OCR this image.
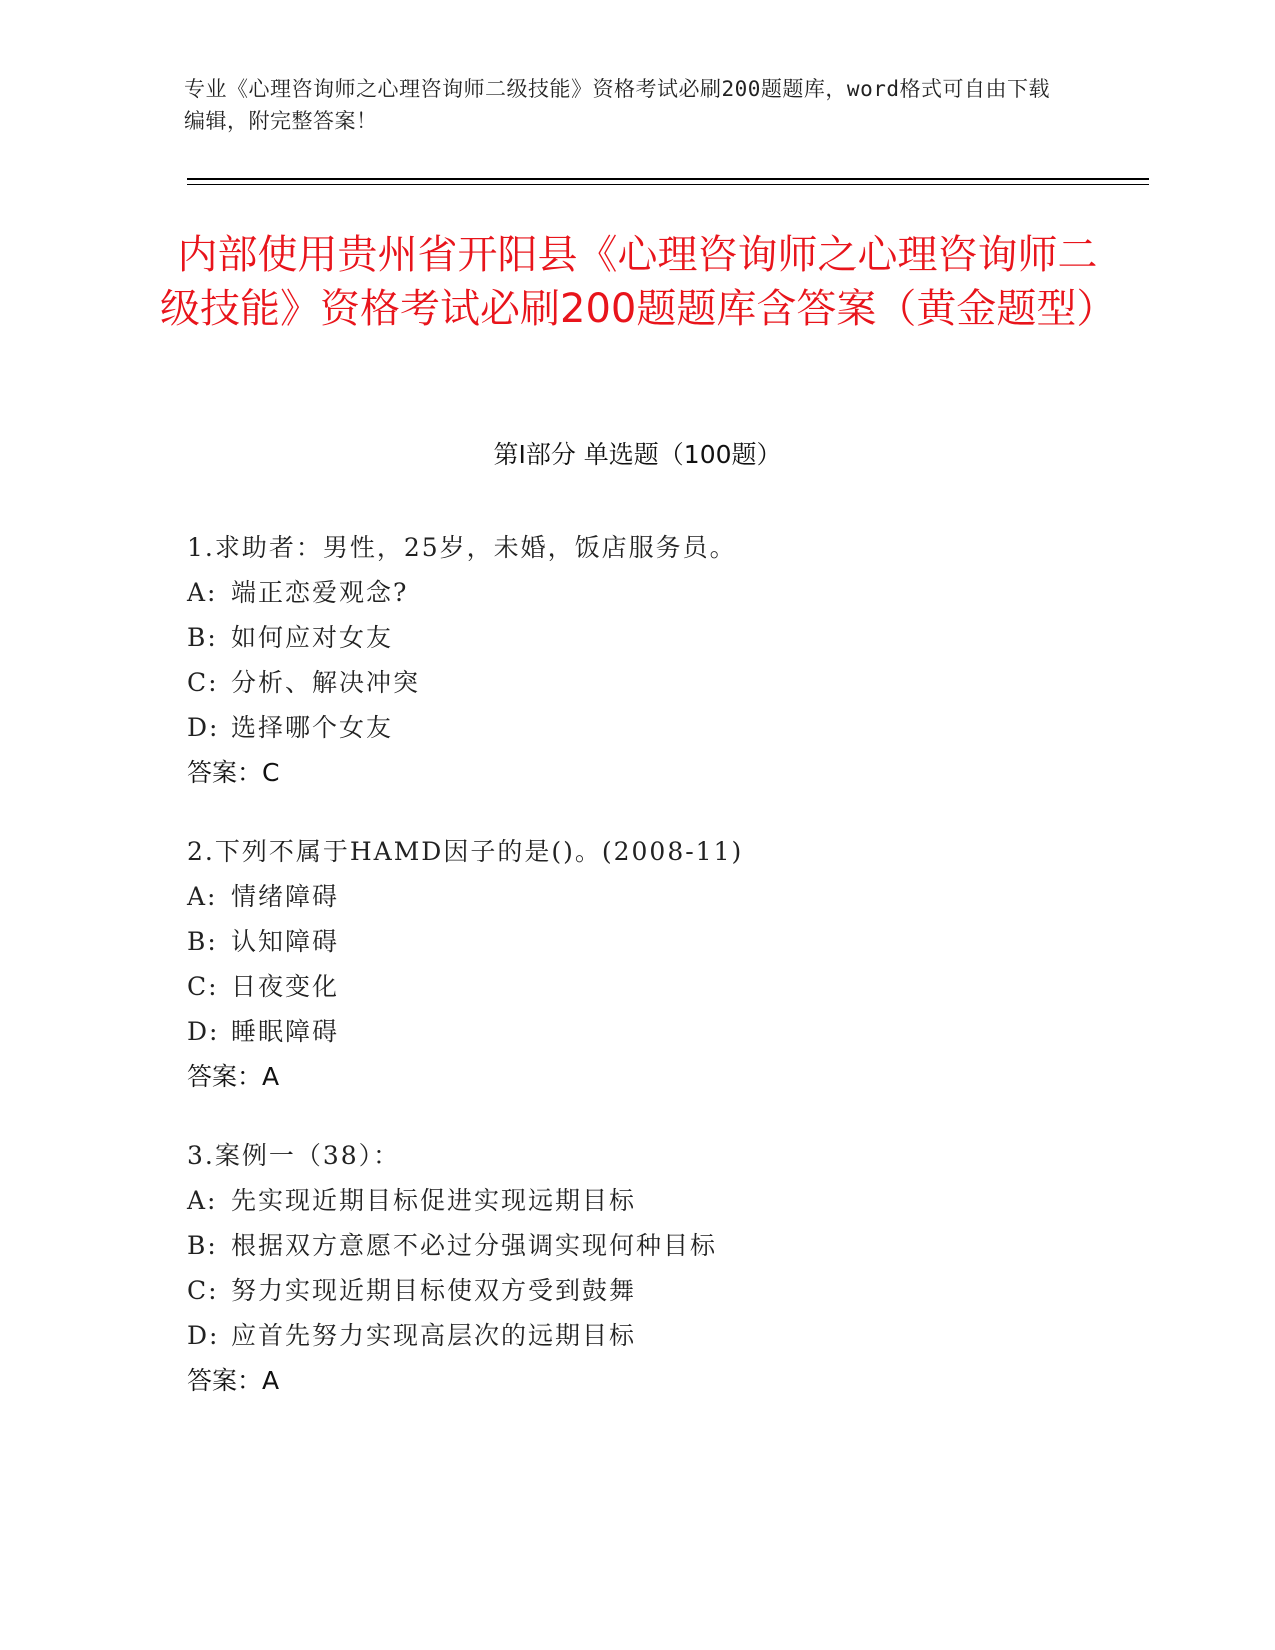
专业《心理咨询师之心理咨询师二级技能》资格考试必刷200题题库，word格式可自由下载编辑，附完整答案！
内部使用贵州省开阳县《心理咨询师之心理咨询师二级技能》资格考试必刷200题题库含答案（黄金题型）
第Ⅰ部分 单选题（100题）
1.求助者：男性，25岁，未婚，饭店服务员。
A: 端正恋爱观念?
B: 如何应对女友
C: 分析、解决冲突
D: 选择哪个女友
答案：C
2.下列不属于HAMD因子的是()。(2008-11)
A: 情绪障碍
B: 认知障碍
C: 日夜变化
D: 睡眠障碍
答案：A
3.案例一（38）：
A: 先实现近期目标促进实现远期目标
B: 根据双方意愿不必过分强调实现何种目标
C: 努力实现近期目标使双方受到鼓舞
D: 应首先努力实现高层次的远期目标
答案：A
